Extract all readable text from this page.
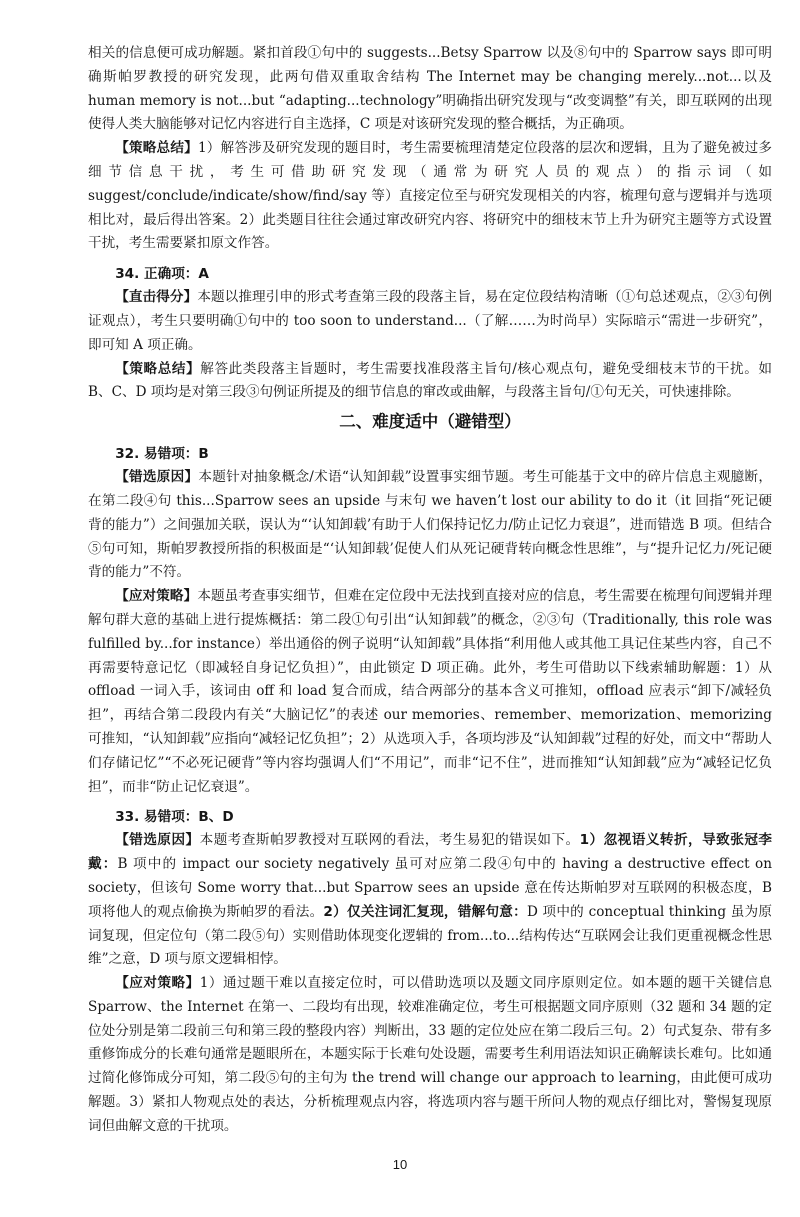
相关的信息便可成功解题。紧扣首段①句中的 suggests...Betsy Sparrow 以及⑧句中的 Sparrow says 即可明确斯帕罗教授的研究发现，此两句借双重取舍结构 The Internet may be changing merely...not...以及human memory is not...but “adapting...technology”明确指出研究发现与“改变调整”有关，即互联网的出现使得人类大脑能够对记忆内容进行自主选择，C 项是对该研究发现的整合概括，为正确项。

【策略总结】1）解答涉及研究发现的题目时，考生需要梳理清楚定位段落的层次和逻辑，且为了避免被过多细节信息干扰，考生可借助研究发现（通常为研究人员的观点）的指示词（如 suggest/conclude/indicate/show/find/say 等）直接定位至与研究发现相关的内容，梳理句意与逻辑并与选项相比对，最后得出答案。2）此类题目往往会通过窜改研究内容、将研究中的细枝末节上升为研究主题等方式设置干扰，考生需要紧扣原文作答。

34. 正确项：A

【直击得分】本题以推理引申的形式考查第三段的段落主旨，易在定位段结构清晰（①句总述观点，②③句例证观点），考生只要明确①句中的 too soon to understand...（了解……为时尚早）实际暗示“需进一步研究”，即可知 A 项正确。

【策略总结】解答此类段落主旨题时，考生需要找准段落主旨句/核心观点句，避免受细枝末节的干扰。如 B、C、D 项均是对第三段③句例证所提及的细节信息的窜改或曲解，与段落主旨句/①句无关，可快速排除。

二、难度适中（避错型）
32. 易错项：B

【错选原因】本题针对抽象概念/术语“认知卸载”设置事实细节题。考生可能基于文中的碎片信息主观臆断，在第二段④句 this...Sparrow sees an upside 与末句 we haven’t lost our ability to do it（it 回指“死记硬背的能力”）之间强加关联，误认为“‘认知卸载’有助于人们保持记忆力/防止记忆力衰退”，进而错选 B 项。但结合⑤句可知，斯帕罗教授所指的积极面是“‘认知卸载’促使人们从死记硬背转向概念性思维”，与“提升记忆力/死记硬背的能力”不符。

【应对策略】本题虽考查事实细节，但难在定位段中无法找到直接对应的信息，考生需要在梳理句间逻辑并理解句群大意的基础上进行提炼概括：第二段①句引出“认知卸载”的概念，②③句（Traditionally, this role was fulfilled by...for instance）举出通俗的例子说明“认知卸载”具体指“利用他人或其他工具记住某些内容，自己不再需要特意记忆（即减轻自身记忆负担）”，由此锁定 D 项正确。此外，考生可借助以下线索辅助解题：1）从 offload 一词入手，该词由 off 和 load 复合而成，结合两部分的基本含义可推知，offload 应表示“卸下/减轻负担”，再结合第二段段内有关“大脑记忆”的表述 our memories、remember、memorization、memorizing 可推知，“认知卸载”应指向“减轻记忆负担”；2）从选项入手，各项均涉及“认知卸载”过程的好处，而文中“帮助人们存储记忆”“不必死记硬背”等内容均强调人们“不用记”，而非“记不住”，进而推知“认知卸载”应为“减轻记忆负担”，而非“防止记忆衰退”。

33. 易错项：B、D

【错选原因】本题考查斯帕罗教授对互联网的看法，考生易犯的错误如下。1）忽视语义转折，导致张冠李戴：B 项中的 impact our society negatively 虽可对应第二段④句中的 having a destructive effect on society，但该句 Some worry that...but Sparrow sees an upside 意在传达斯帕罗对互联网的积极态度，B 项将他人的观点偷换为斯帕罗的看法。2）仅关注词汇复现，错解句意：D 项中的 conceptual thinking 虽为原词复现，但定位句（第二段⑤句）实则借助体现变化逻辑的 from...to...结构传达“互联网会让我们更重视概念性思维”之意，D 项与原文逻辑相悖。

【应对策略】1）通过题干难以直接定位时，可以借助选项以及题文同序原则定位。如本题的题干关键信息 Sparrow、the Internet 在第一、二段均有出现，较难准确定位，考生可根据题文同序原则（32 题和 34 题的定位处分别是第二段前三句和第三段的整段内容）判断出，33 题的定位处应在第二段后三句。2）句式复杂、带有多重修饰成分的长难句通常是题眼所在，本题实际于长难句处设题，需要考生利用语法知识正确解读长难句。比如通过简化修饰成分可知，第二段⑤句的主句为 the trend will change our approach to learning，由此便可成功解题。3）紧扣人物观点处的表达，分析梳理观点内容，将选项内容与题干所问人物的观点仔细比对，警惕复现原词但曲解文意的干扰项。

10
